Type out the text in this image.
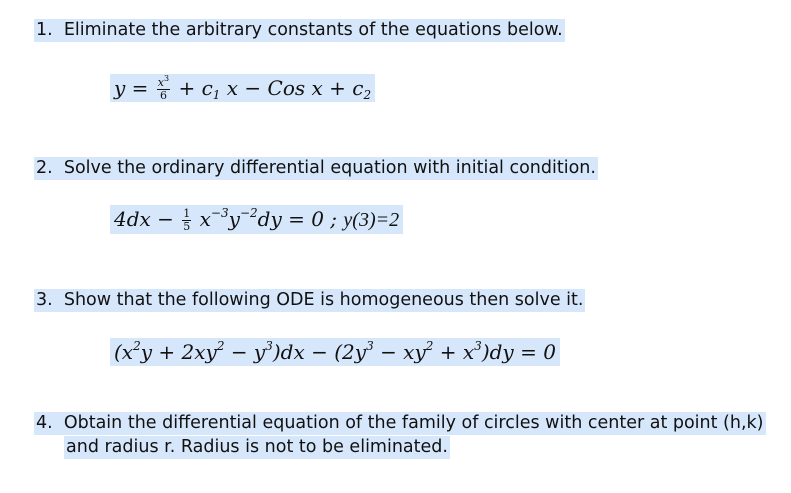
1. Eliminate the arbitrary constants of the equations below.
$y = \frac{x^3}{6} + c_1$ x − Cos $x + c_2$
2. Solve the ordinary differential equation with initial condition.
$4dx - \frac{1}{5} x^{-3}y^{-2}dy = 0$ ; y(3)=2
3. Show that the following ODE is homogeneous then solve it.
$(x^2y + 2xy^2 - y^3)dx - (2y^3 - xy^2 + x^3)dy = 0$
4. Obtain the differential equation of the family of circles with center at point (h,k)
and radius r. Radius is not to be eliminated.
